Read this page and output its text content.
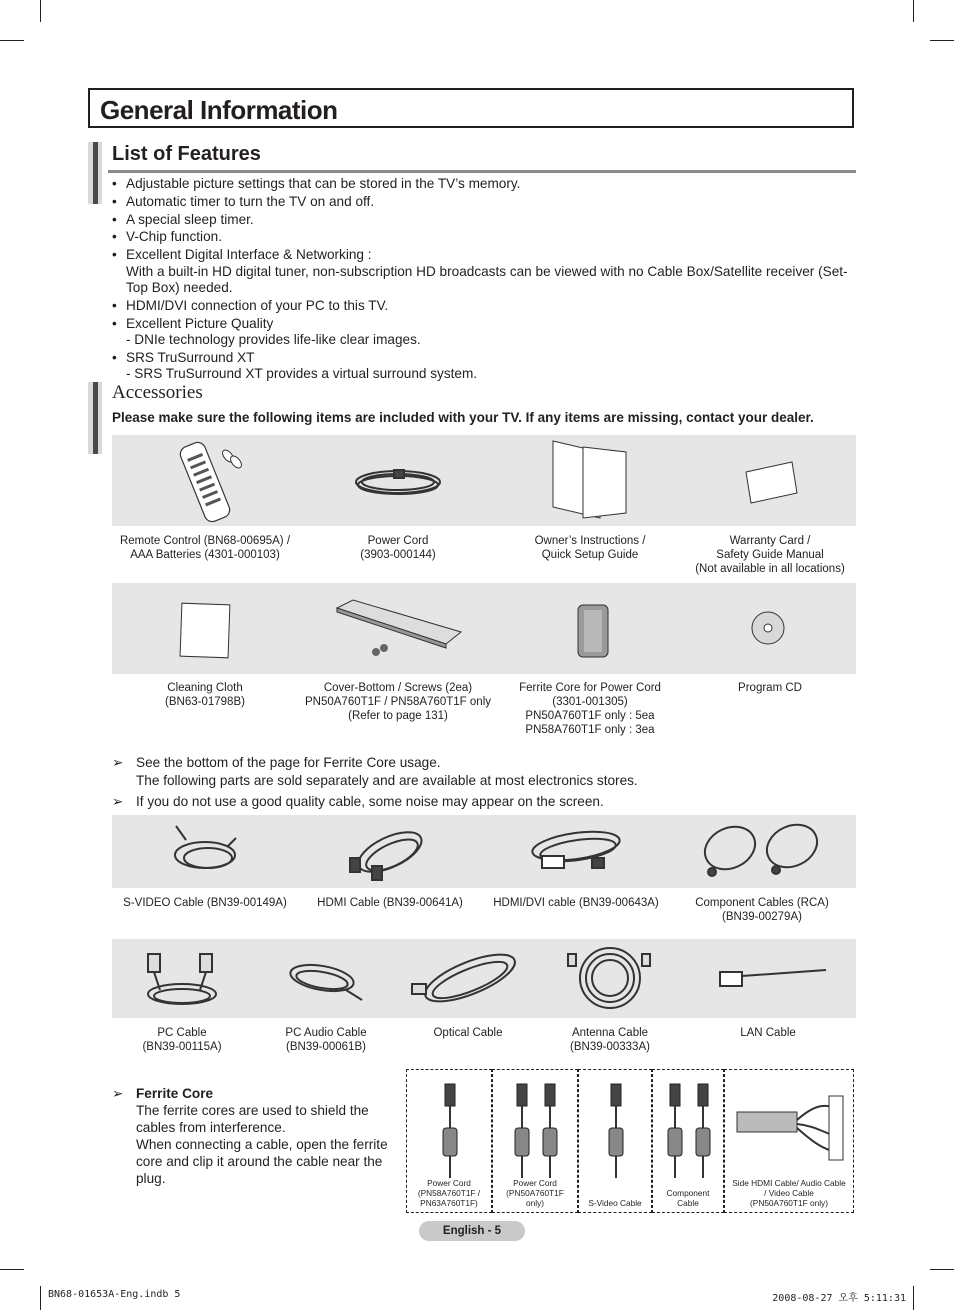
General Information
List of Features
• Adjustable picture settings that can be stored in the TV’s memory.
• Automatic timer to turn the TV on and off.
• A special sleep timer.
• V-Chip function.
• Excellent Digital Interface & Networking :
With a built-in HD digital tuner, non-subscription HD broadcasts can be viewed with no Cable Box/Satellite receiver (Set-Top Box) needed.
• HDMI/DVI connection of your PC to this TV.
• Excellent Picture Quality
- DNIe technology provides life-like clear images.
• SRS TruSurround XT
- SRS TruSurround XT provides a virtual surround system.
Accessories
Please make sure the following items are included with your TV. If any items are missing, contact your dealer.
Remote Control (BN68-00695A) /
AAA Batteries (4301-000103)
Power Cord
(3903-000144)
Owner’s Instructions /
Quick Setup Guide
Warranty Card /
Safety Guide Manual
(Not available in all locations)
Cleaning Cloth
(BN63-01798B)
Cover-Bottom / Screws (2ea)
PN50A760T1F / PN58A760T1F only
(Refer to page 131)
Ferrite Core for Power Cord
(3301-001305)
PN50A760T1F only : 5ea
PN58A760T1F only : 3ea
Program CD
S-VIDEO Cable (BN39-00149A)	HDMI Cable (BN39-00641A)	HDMI/DVI cable (BN39-00643A)	Component Cables (RCA)
(BN39-00279A)
PC Cable
(BN39-00115A)
PC Audio Cable
(BN39-00061B)
Optical Cable	Antenna Cable
(BN39-00333A)
LAN Cable
➢ See the bottom of the page for Ferrite Core usage.
The following parts are sold separately and are available at most electronics stores.
➢ If you do not use a good quality cable, some noise may appear on the screen.
➢ Ferrite Core
The ferrite cores are used to shield the
cables from interference.
When connecting a cable, open the ferrite
core and clip it around the cable near the
plug.	Power Cord
(PN58A760T1F /
PN63A760T1F)
Power Cord
(PN50A760T1F
only)	S-Video Cable
Component
Cable
Side HDMI Cable/ Audio Cable
/ Video Cable
(PN50A760T1F only)
English - 5
BN68-01653A-Eng.indb 5	2008-08-27 오후 5:11:31
